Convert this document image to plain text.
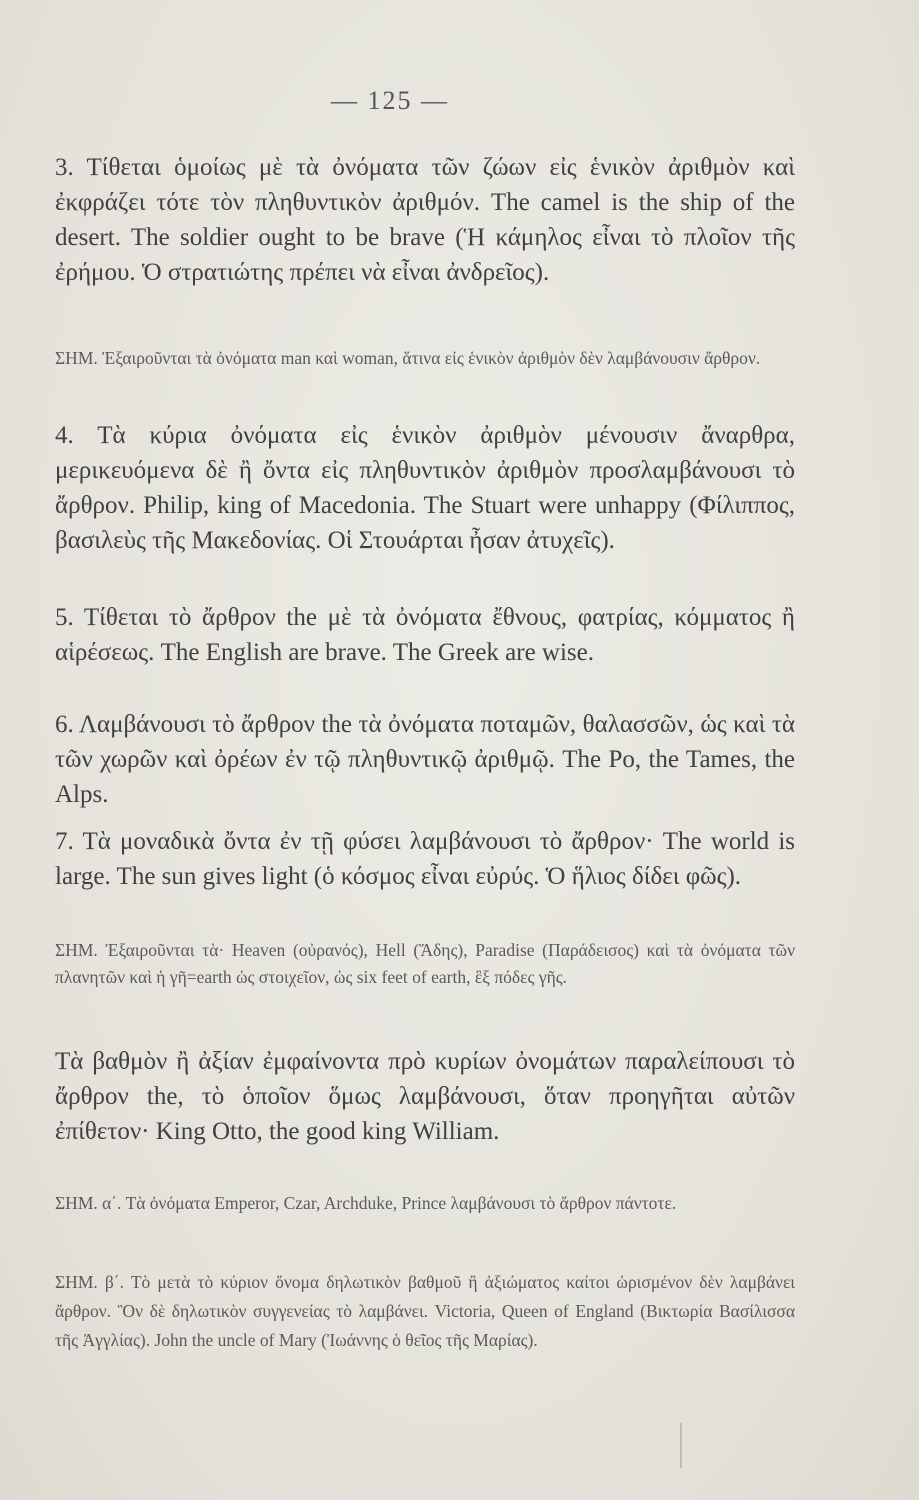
— 125 —
3. Τίθεται ὁμοίως μὲ τὰ ὀνόματα τῶν ζώων εἰς ἑνικὸν ἀριθμὸν καὶ ἐκφράζει τότε τὸν πληθυντικὸν ἀριθμόν. The camel is the ship of the desert. The soldier ought to be brave (Ἡ κάμηλος εἶναι τὸ πλοῖον τῆς ἐρήμου. Ὁ στρατιώτης πρέπει νὰ εἶναι ἀνδρεῖος).
ΣΗΜ. Ἐξαιροῦνται τὰ ὀνόματα man καὶ woman, ἅτινα εἰς ἑνικὸν ἀριθμὸν δὲν λαμβάνουσιν ἄρθρον.
4. Τὰ κύρια ὀνόματα εἰς ἑνικὸν ἀριθμὸν μένουσιν ἄναρθρα, μερικευόμενα δὲ ἢ ὄντα εἰς πληθυντικὸν ἀριθμὸν προσλαμβάνουσι τὸ ἄρθρον. Philip, king of Macedonia. The Stuart were unhappy (Φίλιππος, βασιλεὺς τῆς Μακεδονίας. Οἱ Στουάρται ἦσαν ἀτυχεῖς).
5. Τίθεται τὸ ἄρθρον the μὲ τὰ ὀνόματα ἔθνους, φατρίας, κόμματος ἢ αἱρέσεως. The English are brave. The Greek are wise.
6. Λαμβάνουσι τὸ ἄρθρον the τὰ ὀνόματα ποταμῶν, θαλασσῶν, ὡς καὶ τὰ τῶν χωρῶν καὶ ὀρέων ἐν τῷ πληθυντικῷ ἀριθμῷ. The Po, the Tames, the Alps.
7. Τὰ μοναδικὰ ὄντα ἐν τῇ φύσει λαμβάνουσι τὸ ἄρθρον· The world is large. The sun gives light (ὁ κόσμος εἶναι εὐρύς. Ὁ ἥλιος δίδει φῶς).
ΣΗΜ. Ἐξαιροῦνται τὰ· Heaven (οὐρανός), Hell (Ἅδης), Paradise (Παράδεισος) καὶ τὰ ὀνόματα τῶν πλανητῶν καὶ ἡ γῆ=earth ὡς στοιχεῖον, ὡς six feet of earth, ἓξ πόδες γῆς.
Τὰ βαθμὸν ἢ ἀξίαν ἐμφαίνοντα πρὸ κυρίων ὀνομάτων παραλείπουσι τὸ ἄρθρον the, τὸ ὁποῖον ὅμως λαμβάνουσι, ὅταν προηγῆται αὐτῶν ἐπίθετον· King Otto, the good king William.
ΣΗΜ. α΄. Τὰ ὀνόματα Emperor, Czar, Archduke, Prince λαμβάνουσι τὸ ἄρθρον πάντοτε.
ΣΗΜ. β΄. Τὸ μετὰ τὸ κύριον ὄνομα δηλωτικὸν βαθμοῦ ἢ ἀξιώματος καίτοι ὡρισμένον δὲν λαμβάνει ἄρθρον. Ὃν δὲ δηλωτικὸν συγγενείας τὸ λαμβάνει. Victoria, Queen of England (Βικτωρία Βασίλισσα τῆς Ἀγγλίας). John the uncle of Mary (Ἰωάννης ὁ θεῖος τῆς Μαρίας).
